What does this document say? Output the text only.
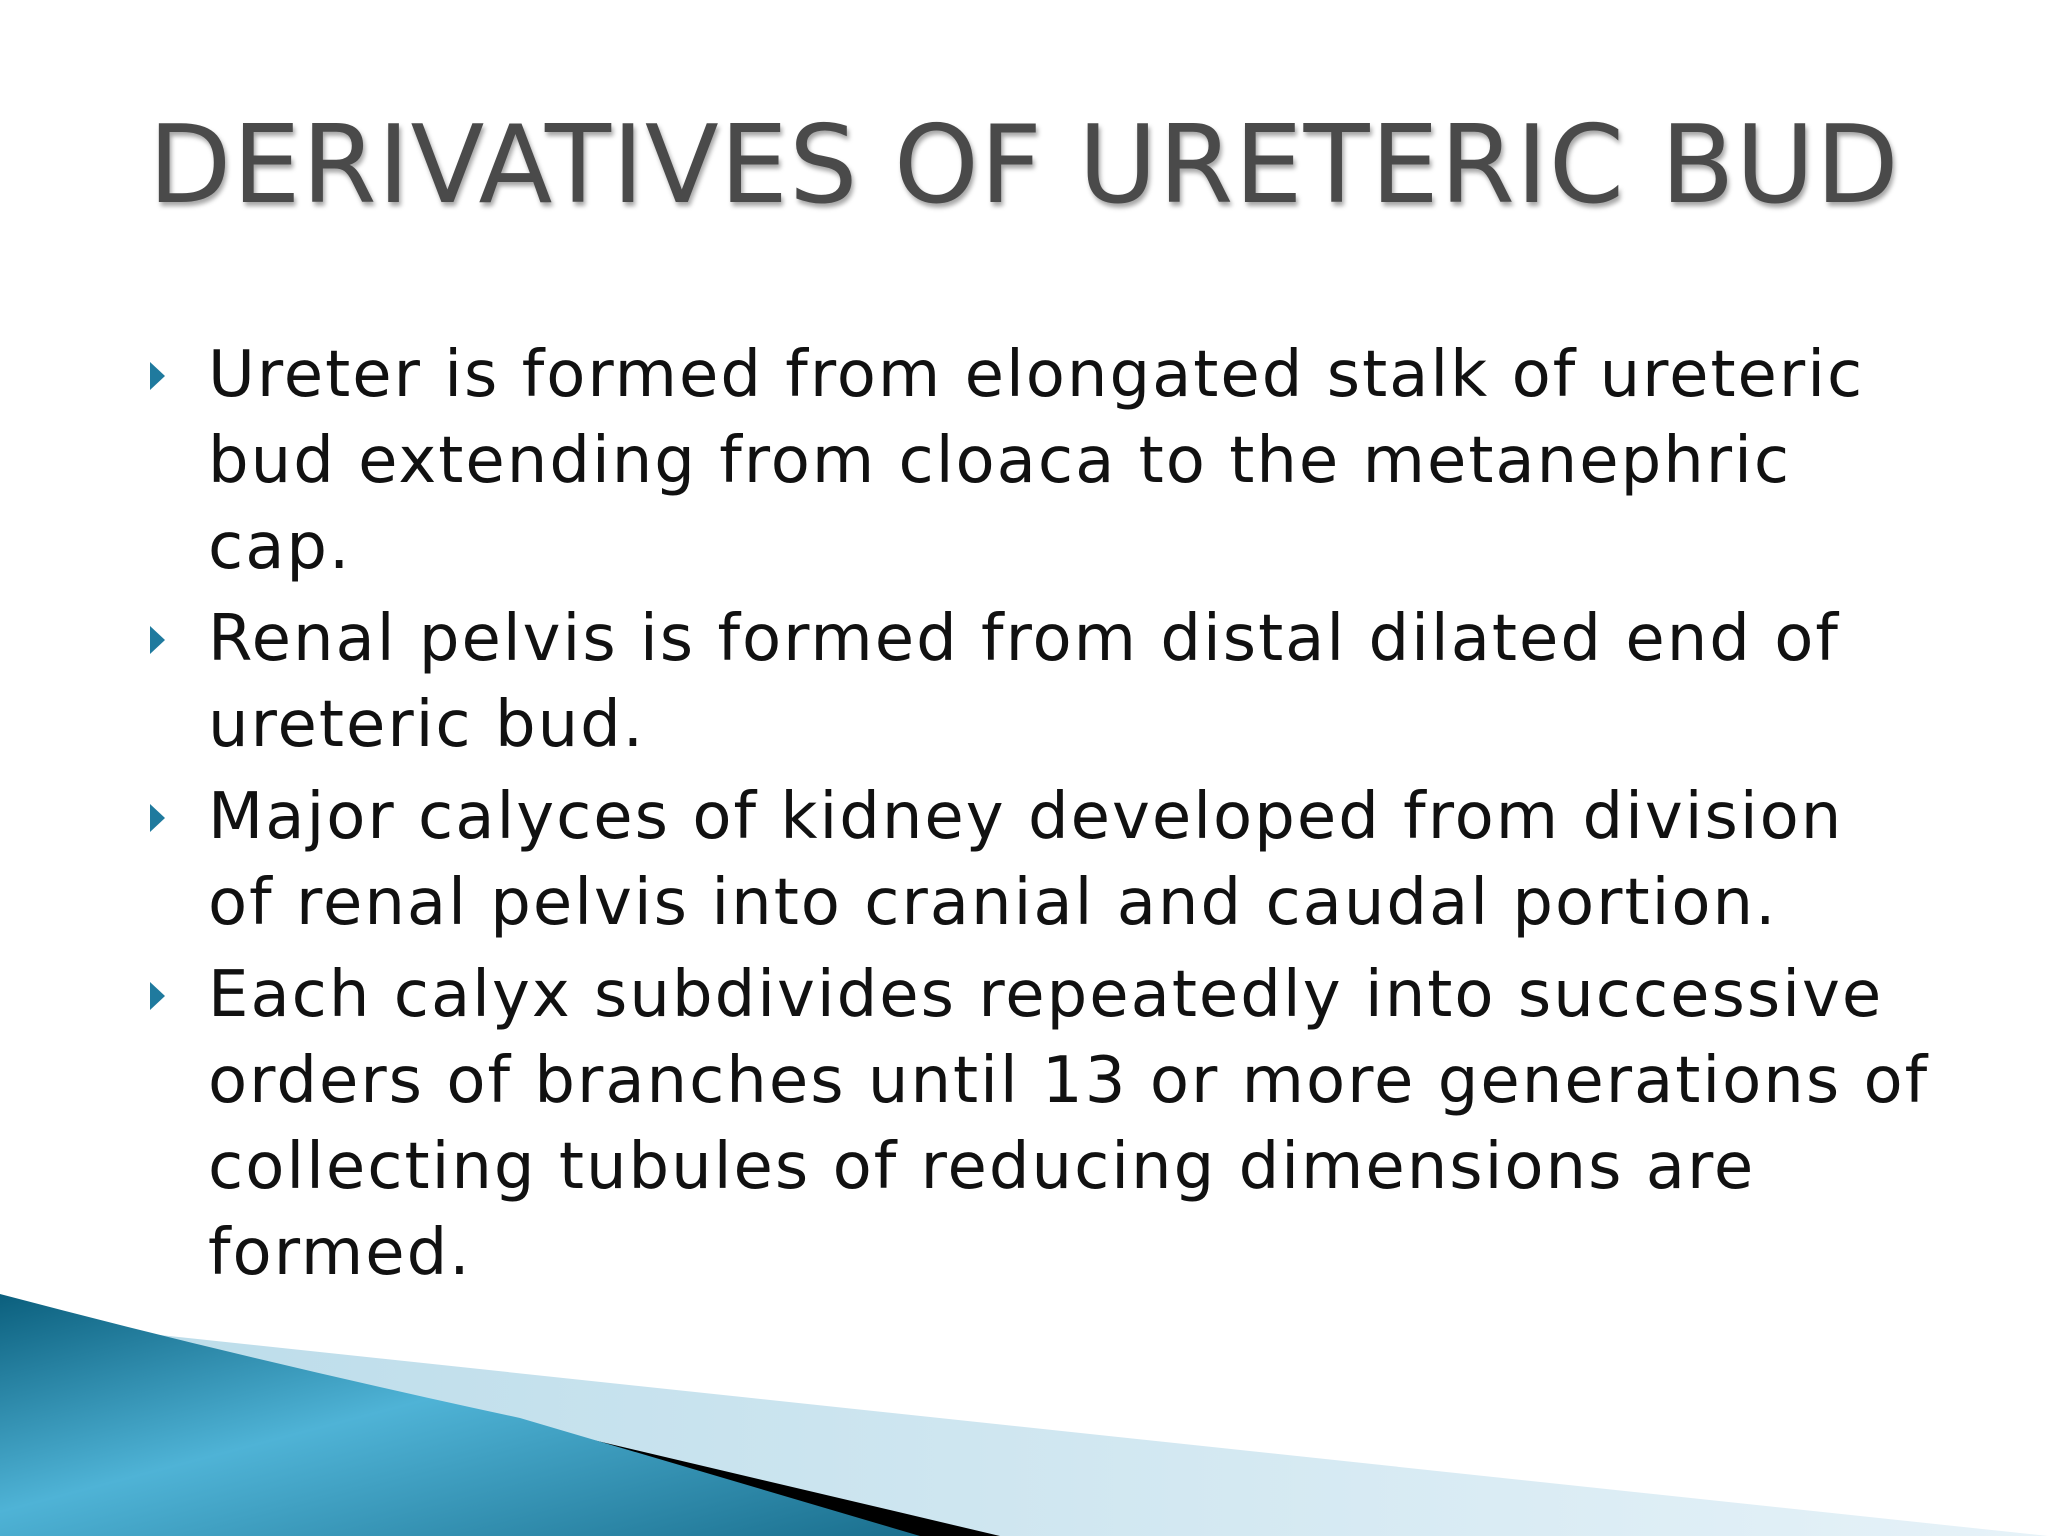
DERIVATIVES OF URETERIC BUD
Ureter is formed from elongated stalk of ureteric bud extending from cloaca to the metanephric cap.
Renal pelvis is formed from distal dilated end of ureteric bud.
Major calyces of kidney developed from division of renal pelvis into cranial and caudal portion.
Each calyx subdivides repeatedly into successive orders of branches until 13 or more generations of collecting tubules of reducing dimensions are formed.
